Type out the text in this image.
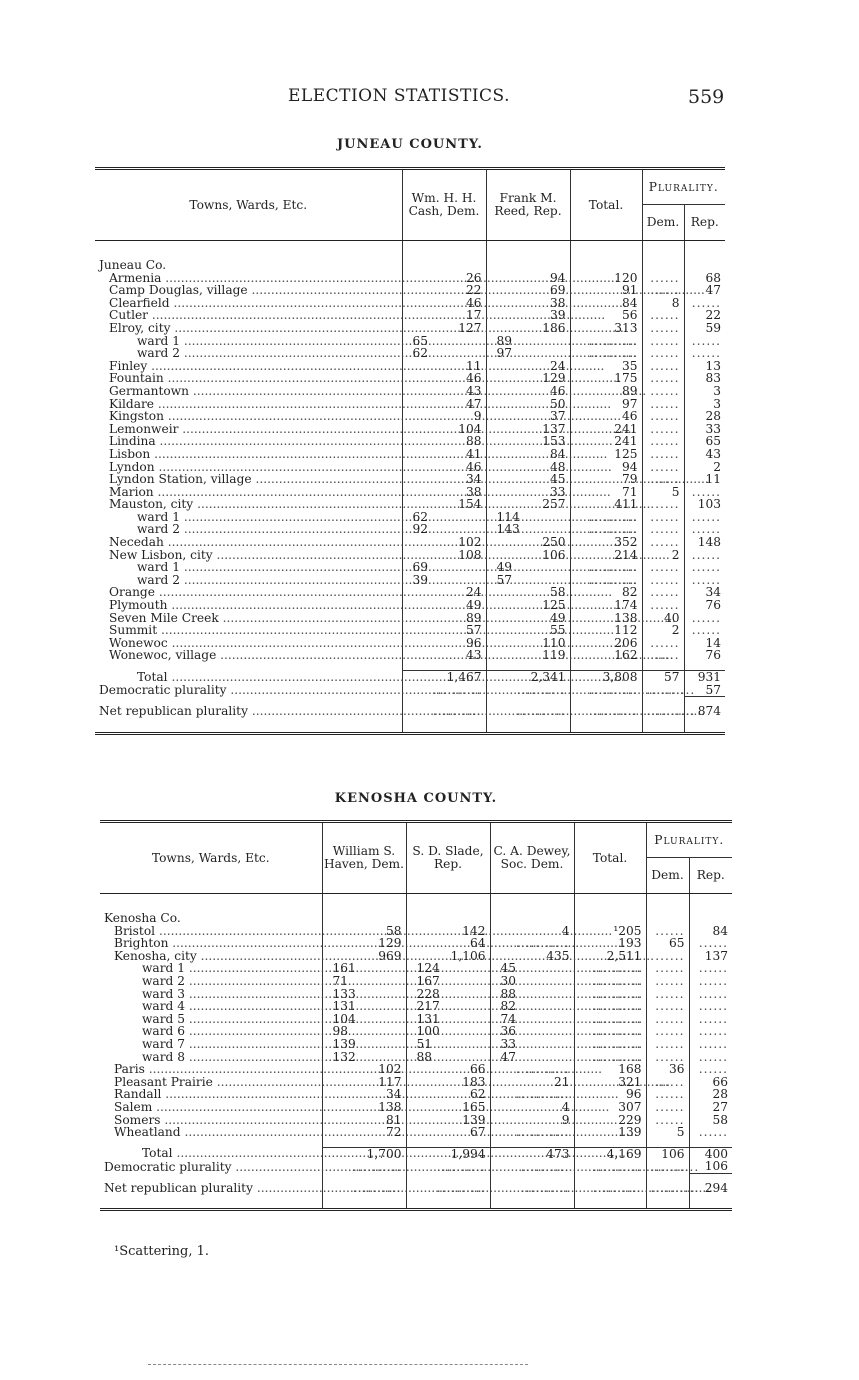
ELECTION STATISTICS.	559
JUNEAU COUNTY.
Towns, Wards, Etc.	Wm. H. H. Cash, Dem.	Frank M. Reed, Rep.	Total.	Plurality.	
				Dem.	Rep.
Juneau Co.					
Armenia .....	26	94	120	......	68
Camp Douglas, village .....	22	69	91	......	47
Clearfield .....	46	38	84	8	......
Cutler .....	17	39	56	......	22
Elroy, city .....	127	186	313	......	59
ward 1 .....	65	89	..........	......	......
ward 2 .....	62	97	..........	......	......
Finley .....	11	24	35	......	13
Fountain .....	46	129	175	......	83
Germantown .....	43	46	89	......	3
Kildare .....	47	50	97	......	3
Kingston .....	9	37	46	......	28
Lemonweir .....	104	137	241	......	33
Lindina .....	88	153	241	......	65
Lisbon .....	41	84	125	......	43
Lyndon .....	46	48	94	......	2
Lyndon Station, village .....	34	45	79	......	11
Marion .....	38	33	71	5	......
Mauston, city .....	154	257	411	......	103
ward 1 .....	62	114	..........	......	......
ward 2 .....	92	143	..........	......	......
Necedah .....	102	250	352	......	148
New Lisbon, city .....	108	106	214	2	......
ward 1 .....	69	49	..........	......	......
ward 2 .....	39	57	..........	......	......
Orange .....	24	58	82	......	34
Plymouth .....	49	125	174	......	76
Seven Mile Creek .....	89	49	138	40	......
Summit .....	57	55	112	2	......
Wonewoc .....	96	110	206	......	14
Wonewoc, village .....	43	119	162	......	76

Total .....	1,467	2,341	3,808	57	931
Democratic plurality .....	..........	..........	..........	..........	57

Net republican plurality .....	..........	..........	..........	..........	874
KENOSHA COUNTY.
Towns, Wards, Etc.	William S. Haven, Dem.	S. D. Slade, Rep.	C. A. Dewey, Soc. Dem.	Total.	Plurality.	
					Dem.	Rep.
Kenosha Co.						
Bristol .....	58	142	4	¹205	......	84
Brighton .....	129	64	...........	193	65	......
Kenosha, city .....	969	1,106	435	2,511	......	137
ward 1 .....	161	124	45	..........	......	......
ward 2 .....	71	167	30	..........	......	......
ward 3 .....	133	228	88	..........	......	......
ward 4 .....	131	217	82	..........	......	......
ward 5 .....	104	131	74	..........	......	......
ward 6 .....	98	100	36	..........	......	......
ward 7 .....	139	51	33	..........	......	......
ward 8 .....	132	88	47	..........	......	......
Paris .....	102	66	...........	168	36	......
Pleasant Prairie .....	117	183	21	321	......	66
Randall .....	34	62	...........	96	......	28
Salem .....	138	165	4	307	......	27
Somers .....	81	139	9	229	......	58
Wheatland .....	72	67	...........	139	5	......

Total .....	1,700	1,994	473	4,169	106	400
Democratic plurality .....	..........	..........	..........	..........	..........	106

Net republican plurality .....	..........	..........	..........	..........	..........	294
¹Scattering, 1.
